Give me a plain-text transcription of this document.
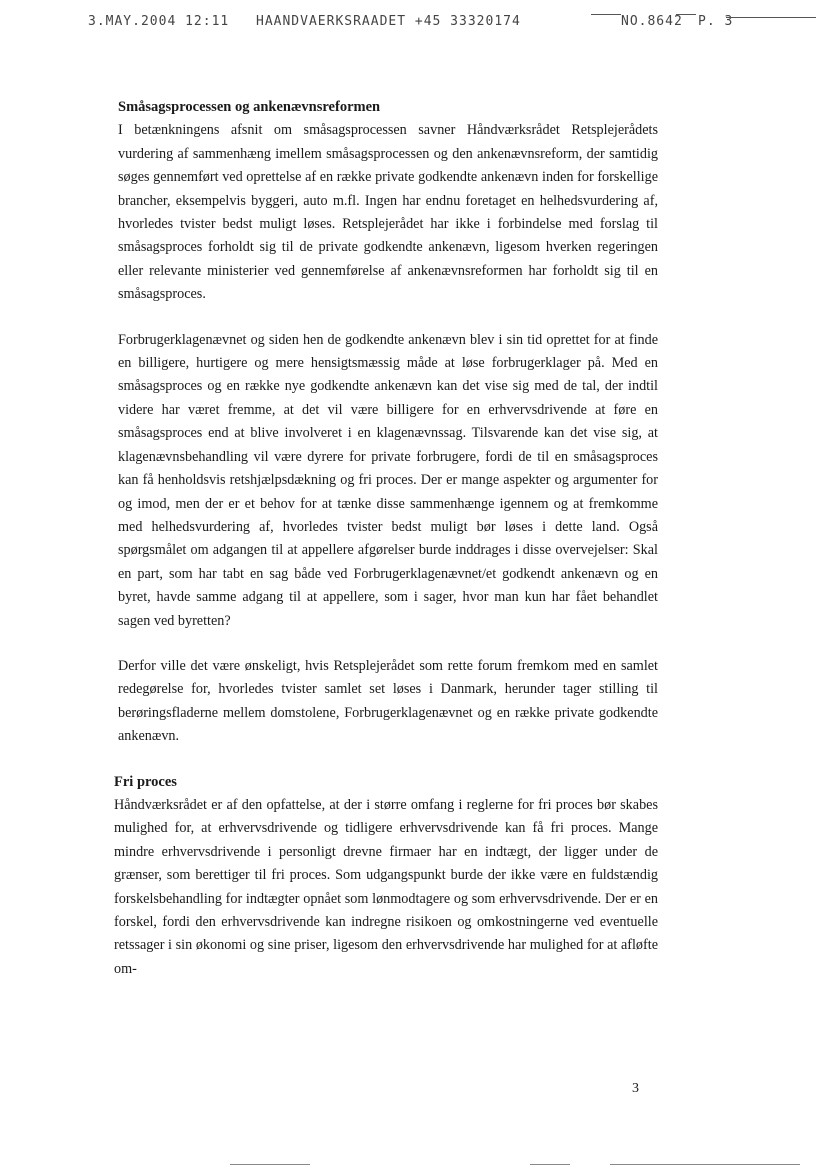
3.MAY.2004 12:11 HAANDVAERKSRAADET +45 33320174	NO.8642 P. 3

Småsagsprocessen og ankenævnsreformen

I betænkningens afsnit om småsagsprocessen savner Håndværksrådet Retsplejerådets vurdering af sammenhæng imellem småsagsprocessen og den ankenævnsreform, der samtidig søges gennemført ved oprettelse af en række private godkendte ankenævn inden for forskellige brancher, eksempelvis byggeri, auto m.fl. Ingen har endnu foretaget en helhedsvurdering af, hvorledes tvister bedst muligt løses. Retsplejerådet har ikke i forbindelse med forslag til småsagsproces forholdt sig til de private godkendte ankenævn, ligesom hverken regeringen eller relevante ministerier ved gennemførelse af ankenævnsreformen har forholdt sig til en småsagsproces.

Forbrugerklagenævnet og siden hen de godkendte ankenævn blev i sin tid oprettet for at finde en billigere, hurtigere og mere hensigtsmæssig måde at løse forbrugerklager på. Med en småsagsproces og en række nye godkendte ankenævn kan det vise sig med de tal, der indtil videre har været fremme, at det vil være billigere for en erhvervsdrivende at føre en småsagsproces end at blive involveret i en klagenævnssag. Tilsvarende kan det vise sig, at klagenævnsbehandling vil være dyrere for private forbrugere, fordi de til en småsagsproces kan få henholdsvis retshjælpsdækning og fri proces. Der er mange aspekter og argumenter for og imod, men der er et behov for at tænke disse sammenhænge igennem og at fremkomme med helhedsvurdering af, hvorledes tvister bedst muligt bør løses i dette land. Også spørgsmålet om adgangen til at appellere afgørelser burde inddrages i disse overvejelser: Skal en part, som har tabt en sag både ved Forbrugerklagenævnet/et godkendt ankenævn og en byret, havde samme adgang til at appellere, som i sager, hvor man kun har fået behandlet sagen ved byretten?

Derfor ville det være ønskeligt, hvis Retsplejerådet som rette forum fremkom med en samlet redegørelse for, hvorledes tvister samlet set løses i Danmark, herunder tager stilling til berøringsfladerne mellem domstolene, Forbrugerklagenævnet og en række private godkendte ankenævn.

Fri proces

Håndværksrådet er af den opfattelse, at der i større omfang i reglerne for fri proces bør skabes mulighed for, at erhvervsdrivende og tidligere erhvervsdrivende kan få fri proces. Mange mindre erhvervsdrivende i personligt drevne firmaer har en indtægt, der ligger under de grænser, som berettiger til fri proces. Som udgangspunkt burde der ikke være en fuldstændig forskelsbehandling for indtægter opnået som lønmodtagere og som erhvervsdrivende. Der er en forskel, fordi den erhvervsdrivende kan indregne risikoen og omkostningerne ved eventuelle retssager i sin økonomi og sine priser, ligesom den erhvervsdrivende har mulighed for at afløfte om-

3
